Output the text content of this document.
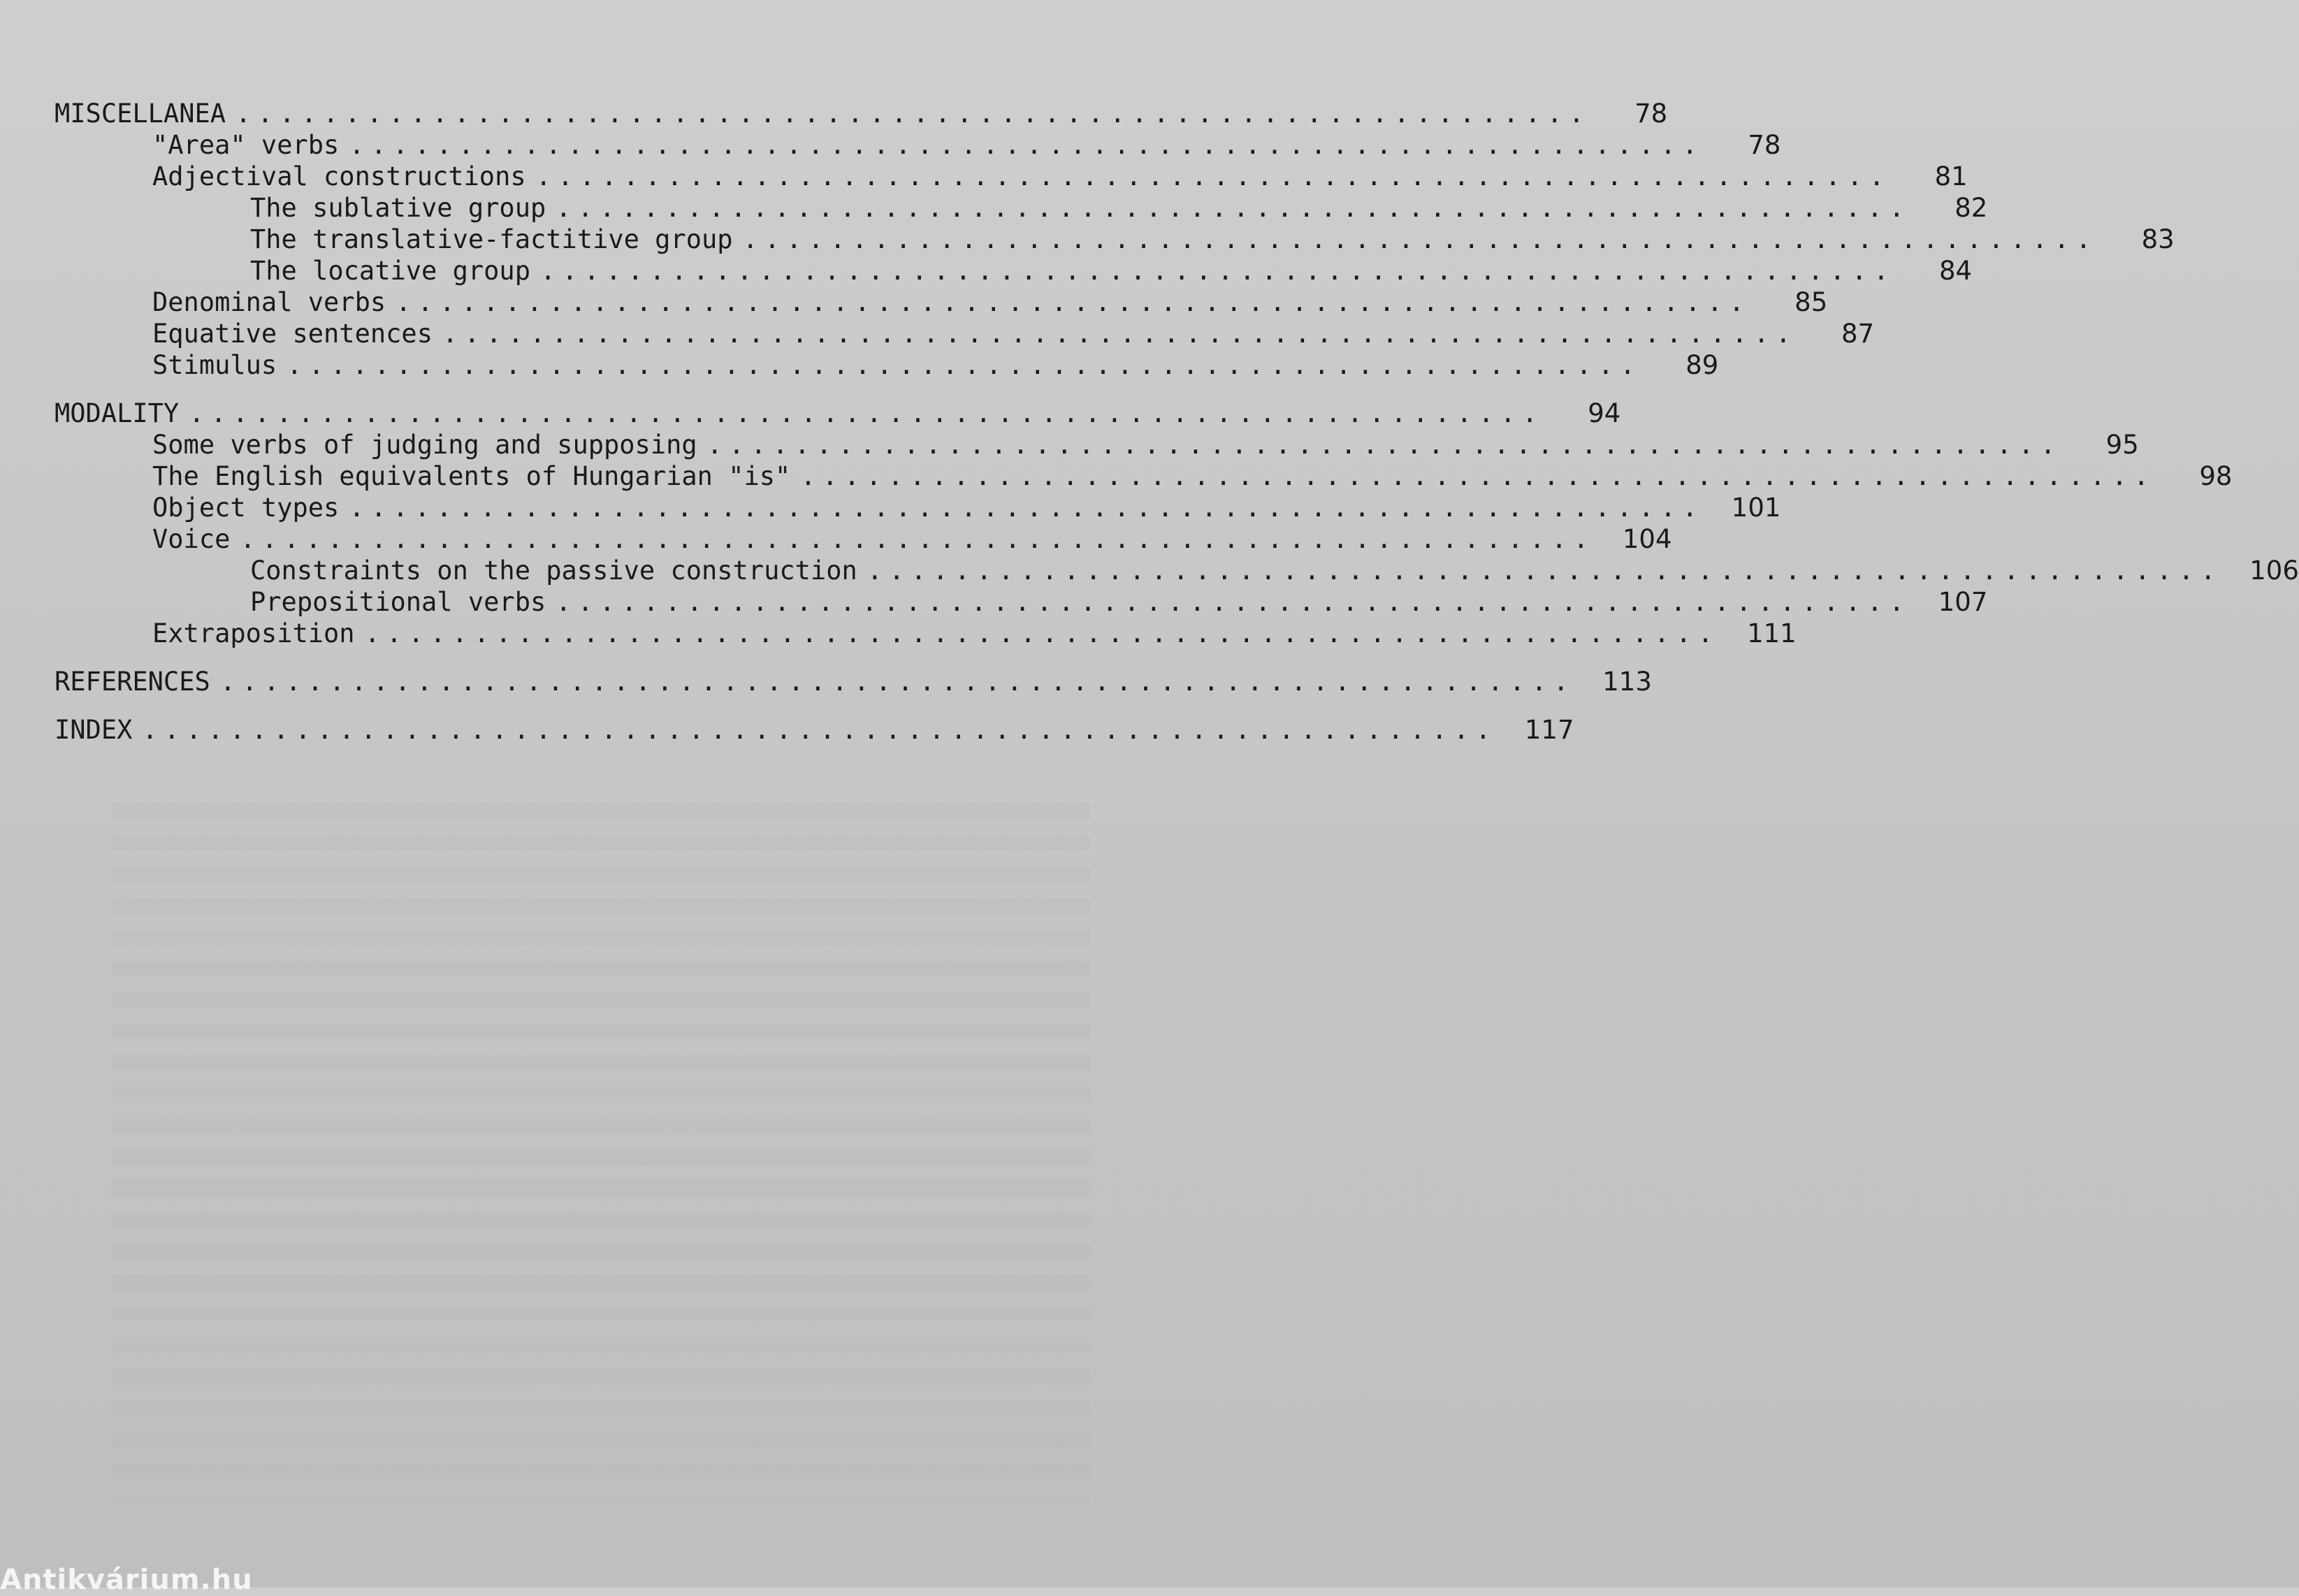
MISCELLANEA ..............................................................	78
"Area" verbs ..............................................................	78
Adjectival constructions ..............................................................	81
The sublative group ..............................................................	82
The translative-factitive group ..............................................................	83
The locative group ..............................................................	84
Denominal verbs ..............................................................	85
Equative sentences ..............................................................	87
Stimulus ..............................................................	89
MODALITY ..............................................................	94
Some verbs of judging and supposing ..............................................................	95
The English equivalents of Hungarian "is" ..............................................................	98
Object types ..............................................................	101
Voice ..............................................................	104
Constraints on the passive construction ..............................................................	106
Prepositional verbs ..............................................................	107
Extraposition ..............................................................	111
REFERENCES ..............................................................	113
INDEX ..............................................................	117
Antikvárium.hu
